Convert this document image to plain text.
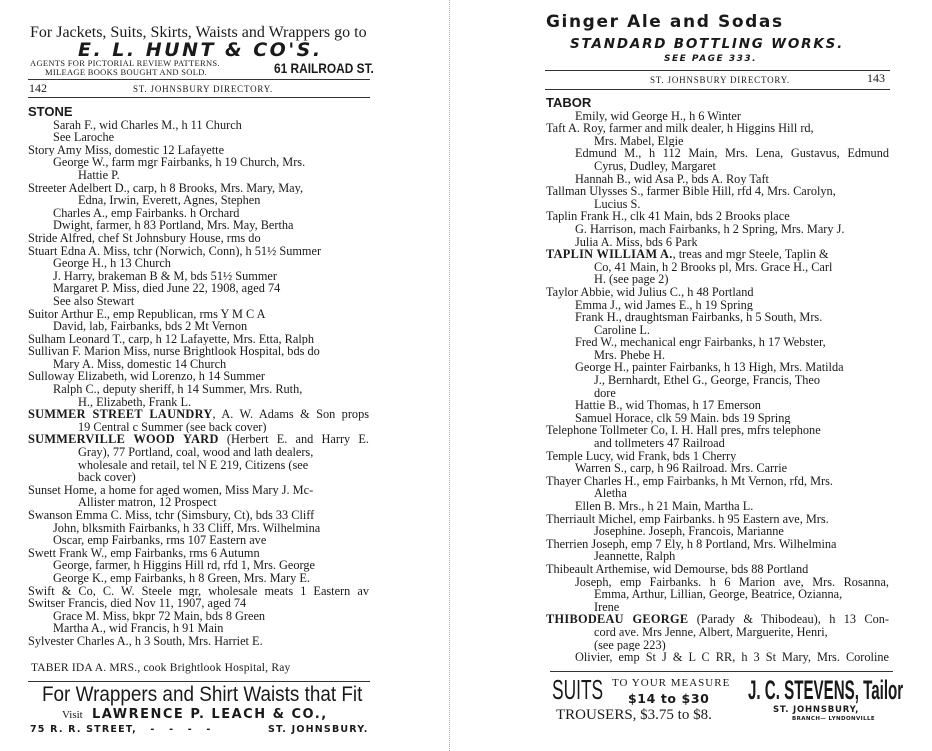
For Jackets, Suits, Skirts, Waists and Wrappers go to
E. L. HUNT & CO'S.
AGENTS FOR PICTORIAL REVIEW PATTERNS.
MILEAGE BOOKS BOUGHT AND SOLD.	61 RAILROAD ST.
142	ST. JOHNSBURY DIRECTORY.
STONE
Sarah F., wid Charles M., h 11 Church
See Laroche
Story Amy Miss, domestic 12 Lafayette
George W., farm mgr Fairbanks, h 19 Church, Mrs.
Hattie P.
Streeter Adelbert D., carp, h 8 Brooks, Mrs. Mary, May,
Edna, Irwin, Everett, Agnes, Stephen
Charles A., emp Fairbanks. h Orchard
Dwight, farmer, h 83 Portland, Mrs. May, Bertha
Stride Alfred, chef St Johnsbury House, rms do
Stuart Edna A. Miss, tchr (Norwich, Conn), h 51½ Summer
George H., h 13 Church
J. Harry, brakeman B & M, bds 51½ Summer
Margaret P. Miss, died June 22, 1908, aged 74
See also Stewart
Suitor Arthur E., emp Republican, rms Y M C A
David, lab, Fairbanks, bds 2 Mt Vernon
Sulham Leonard T., carp, h 12 Lafayette, Mrs. Etta, Ralph
Sullivan F. Marion Miss, nurse Brightlook Hospital, bds do
Mary A. Miss, domestic 14 Church
Sulloway Elizabeth, wid Lorenzo, h 14 Summer
Ralph C., deputy sheriff, h 14 Summer, Mrs. Ruth,
H., Elizabeth, Frank L.
SUMMER STREET LAUNDRY, A. W. Adams & Son props
19 Central c Summer (see back cover)
SUMMERVILLE WOOD YARD (Herbert E. and Harry E.
Gray), 77 Portland, coal, wood and lath dealers,
wholesale and retail, tel N E 219, Citizens (see
back cover)
Sunset Home, a home for aged women, Miss Mary J. Mc-
Allister matron, 12 Prospect
Swanson Emma C. Miss, tchr (Simsbury, Ct), bds 33 Cliff
John, blksmith Fairbanks, h 33 Cliff, Mrs. Wilhelmina
Oscar, emp Fairbanks, rms 107 Eastern ave
Swett Frank W., emp Fairbanks, rms 6 Autumn
George, farmer, h Higgins Hill rd, rfd 1, Mrs. George
George K., emp Fairbanks, h 8 Green, Mrs. Mary E.
Swift & Co, C. W. Steele mgr, wholesale meats 1 Eastern av
Switser Francis, died Nov 11, 1907, aged 74
Grace M. Miss, bkpr 72 Main, bds 8 Green
Martha A., wid Francis, h 91 Main
Sylvester Charles A., h 3 South, Mrs. Harriet E.
TABER IDA A. MRS., cook Brightlook Hospital, Ray
For Wrappers and Shirt Waists that Fit
Visit LAWRENCE P. LEACH & CO.,
75 R. R. STREET,   -   -   -   -	ST. JOHNSBURY.
Ginger Ale and Sodas
STANDARD BOTTLING WORKS.
SEE PAGE 333.
ST. JOHNSBURY DIRECTORY.	143
TABOR
Emily, wid George H., h 6 Winter
Taft A. Roy, farmer and milk dealer, h Higgins Hill rd,
Mrs. Mabel, Elgie
Edmund M., h 112 Main, Mrs. Lena, Gustavus, Edmund
Cyrus, Dudley, Margaret
Hannah B., wid Asa P., bds A. Roy Taft
Tallman Ulysses S., farmer Bible Hill, rfd 4, Mrs. Carolyn,
Lucius S.
Taplin Frank H., clk 41 Main, bds 2 Brooks place
G. Harrison, mach Fairbanks, h 2 Spring, Mrs. Mary J.
Julia A. Miss, bds 6 Park
TAPLIN WILLIAM A., treas and mgr Steele, Taplin &
Co, 41 Main, h 2 Brooks pl, Mrs. Grace H., Carl
H. (see page 2)
Taylor Abbie, wid Julius C., h 48 Portland
Emma J., wid James E., h 19 Spring
Frank H., draughtsman Fairbanks, h 5 South, Mrs.
Caroline L.
Fred W., mechanical engr Fairbanks, h 17 Webster,
Mrs. Phebe H.
George H., painter Fairbanks, h 13 High, Mrs. Matilda
J., Bernhardt, Ethel G., George, Francis, Theo
dore
Hattie B., wid Thomas, h 17 Emerson
Samuel Horace, clk 59 Main. bds 19 Spring
Telephone Tollmeter Co, I. H. Hall pres, mfrs telephone
and tollmeters 47 Railroad
Temple Lucy, wid Frank, bds 1 Cherry
Warren S., carp, h 96 Railroad. Mrs. Carrie
Thayer Charles H., emp Fairbanks, h Mt Vernon, rfd, Mrs.
Aletha
Ellen B. Mrs., h 21 Main, Martha L.
Therriault Michel, emp Fairbanks. h 95 Eastern ave, Mrs.
Josephine. Joseph, Francois, Marianne
Therrien Joseph, emp 7 Ely, h 8 Portland, Mrs. Wilhelmina
Jeannette, Ralph
Thibeault Arthemise, wid Demourse, bds 88 Portland
Joseph, emp Fairbanks. h 6 Marion ave, Mrs. Rosanna,
Emma, Arthur, Lillian, George, Beatrice, Ozianna,
Irene
THIBODEAU GEORGE (Parady & Thibodeau), h 13 Con-
cord ave. Mrs Jenne, Albert, Marguerite, Henri,
(see page 223)
Olivier, emp St J & L C RR, h 3 St Mary, Mrs. Coroline
SUITS TO YOUR MEASURE
$14 to $30
TROUSERS, $3.75 to $8.
J. C. STEVENS, Tailor
ST. JOHNSBURY,
BRANCH— LYNDONVILLE
